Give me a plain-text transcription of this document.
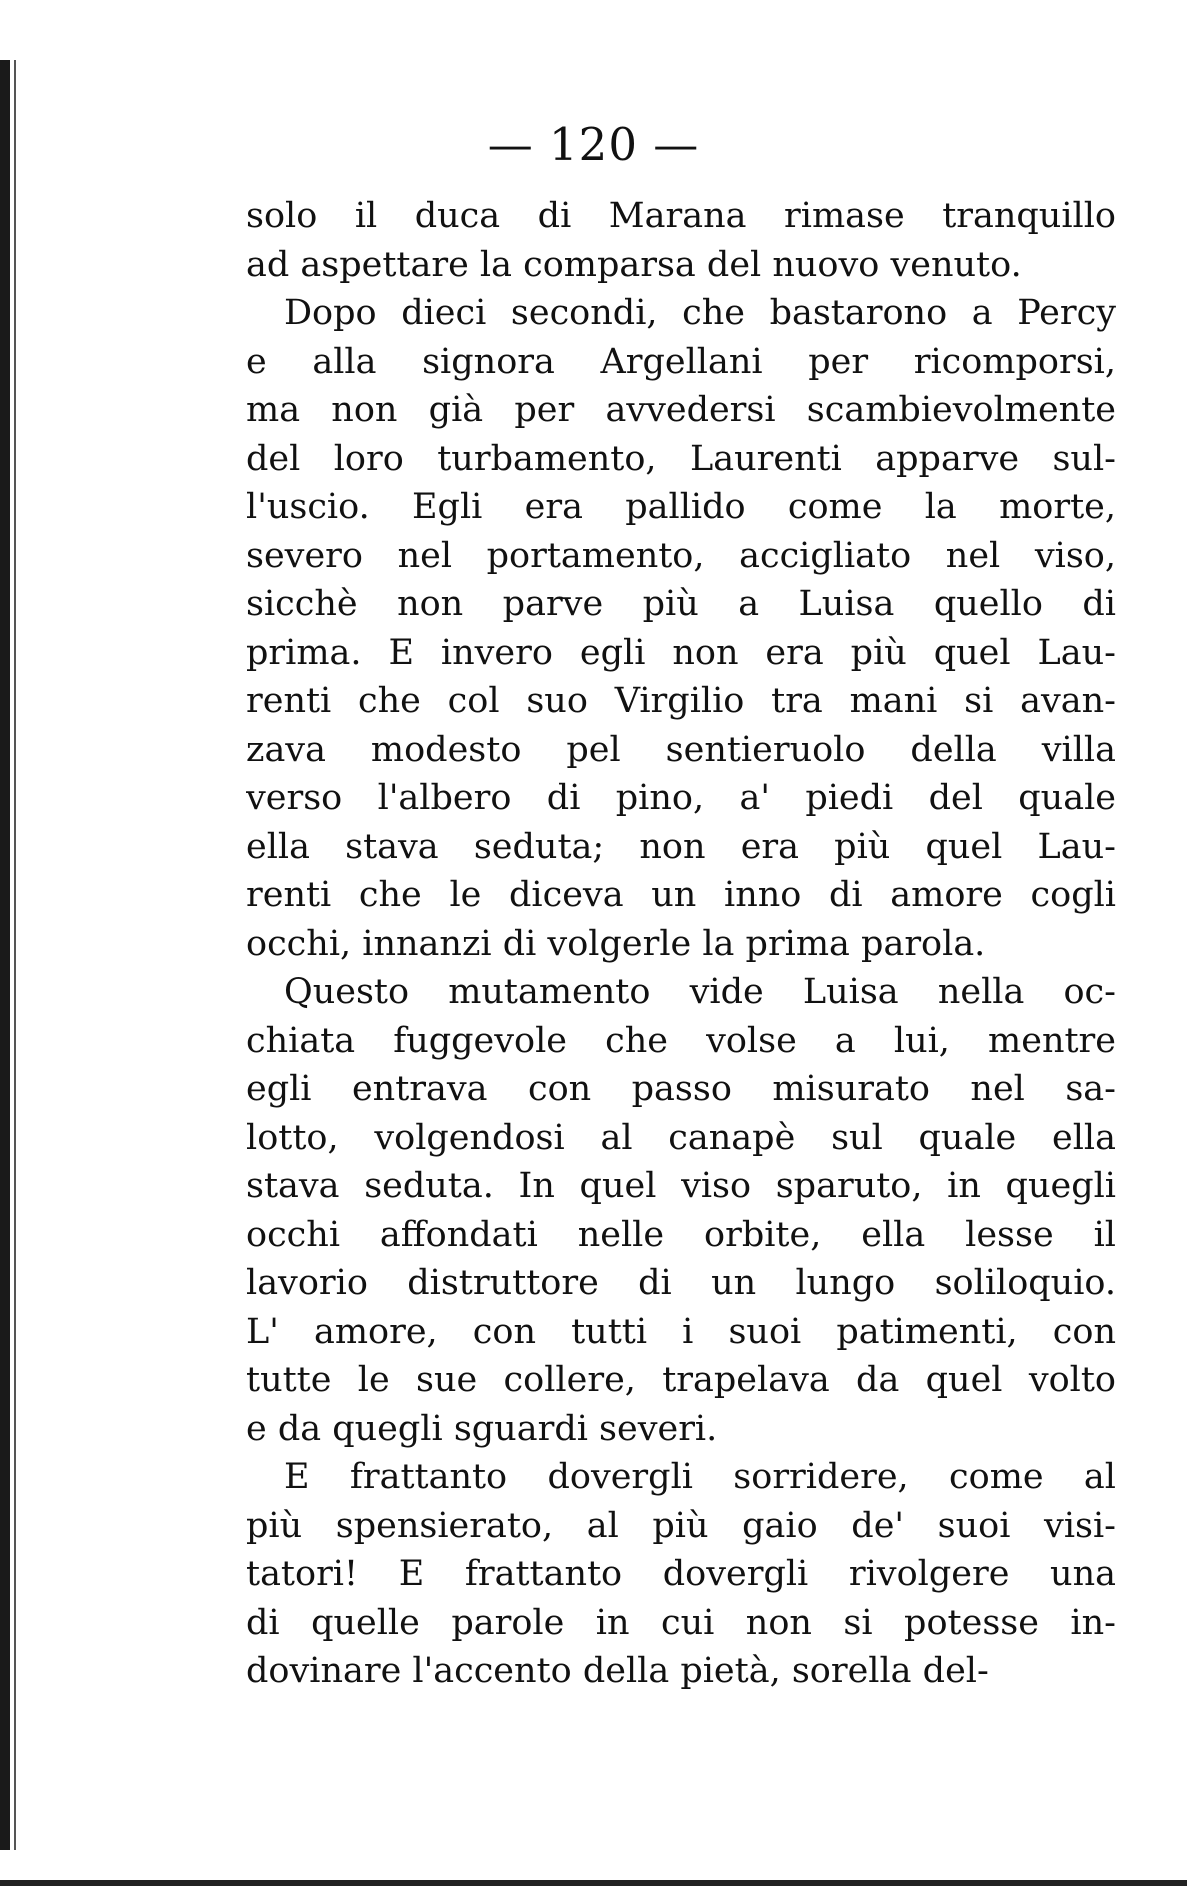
— 120 —
solo il duca di Marana rimase tranquillo
ad aspettare la comparsa del nuovo venuto.
Dopo dieci secondi, che bastarono a Percy
e alla signora Argellani per ricomporsi,
ma non già per avvedersi scambievolmente
del loro turbamento, Laurenti apparve sul-
l'uscio. Egli era pallido come la morte,
severo nel portamento, accigliato nel viso,
sicchè non parve più a Luisa quello di
prima. E invero egli non era più quel Lau-
renti che col suo Virgilio tra mani si avan-
zava modesto pel sentieruolo della villa
verso l'albero di pino, a' piedi del quale
ella stava seduta; non era più quel Lau-
renti che le diceva un inno di amore cogli
occhi, innanzi di volgerle la prima parola.
Questo mutamento vide Luisa nella oc-
chiata fuggevole che volse a lui, mentre
egli entrava con passo misurato nel sa-
lotto, volgendosi al canapè sul quale ella
stava seduta. In quel viso sparuto, in quegli
occhi affondati nelle orbite, ella lesse il
lavorio distruttore di un lungo soliloquio.
L' amore, con tutti i suoi patimenti, con
tutte le sue collere, trapelava da quel volto
e da quegli sguardi severi.
E frattanto dovergli sorridere, come al
più spensierato, al più gaio de' suoi visi-
tatori! E frattanto dovergli rivolgere una
di quelle parole in cui non si potesse in-
dovinare l'accento della pietà, sorella del-
